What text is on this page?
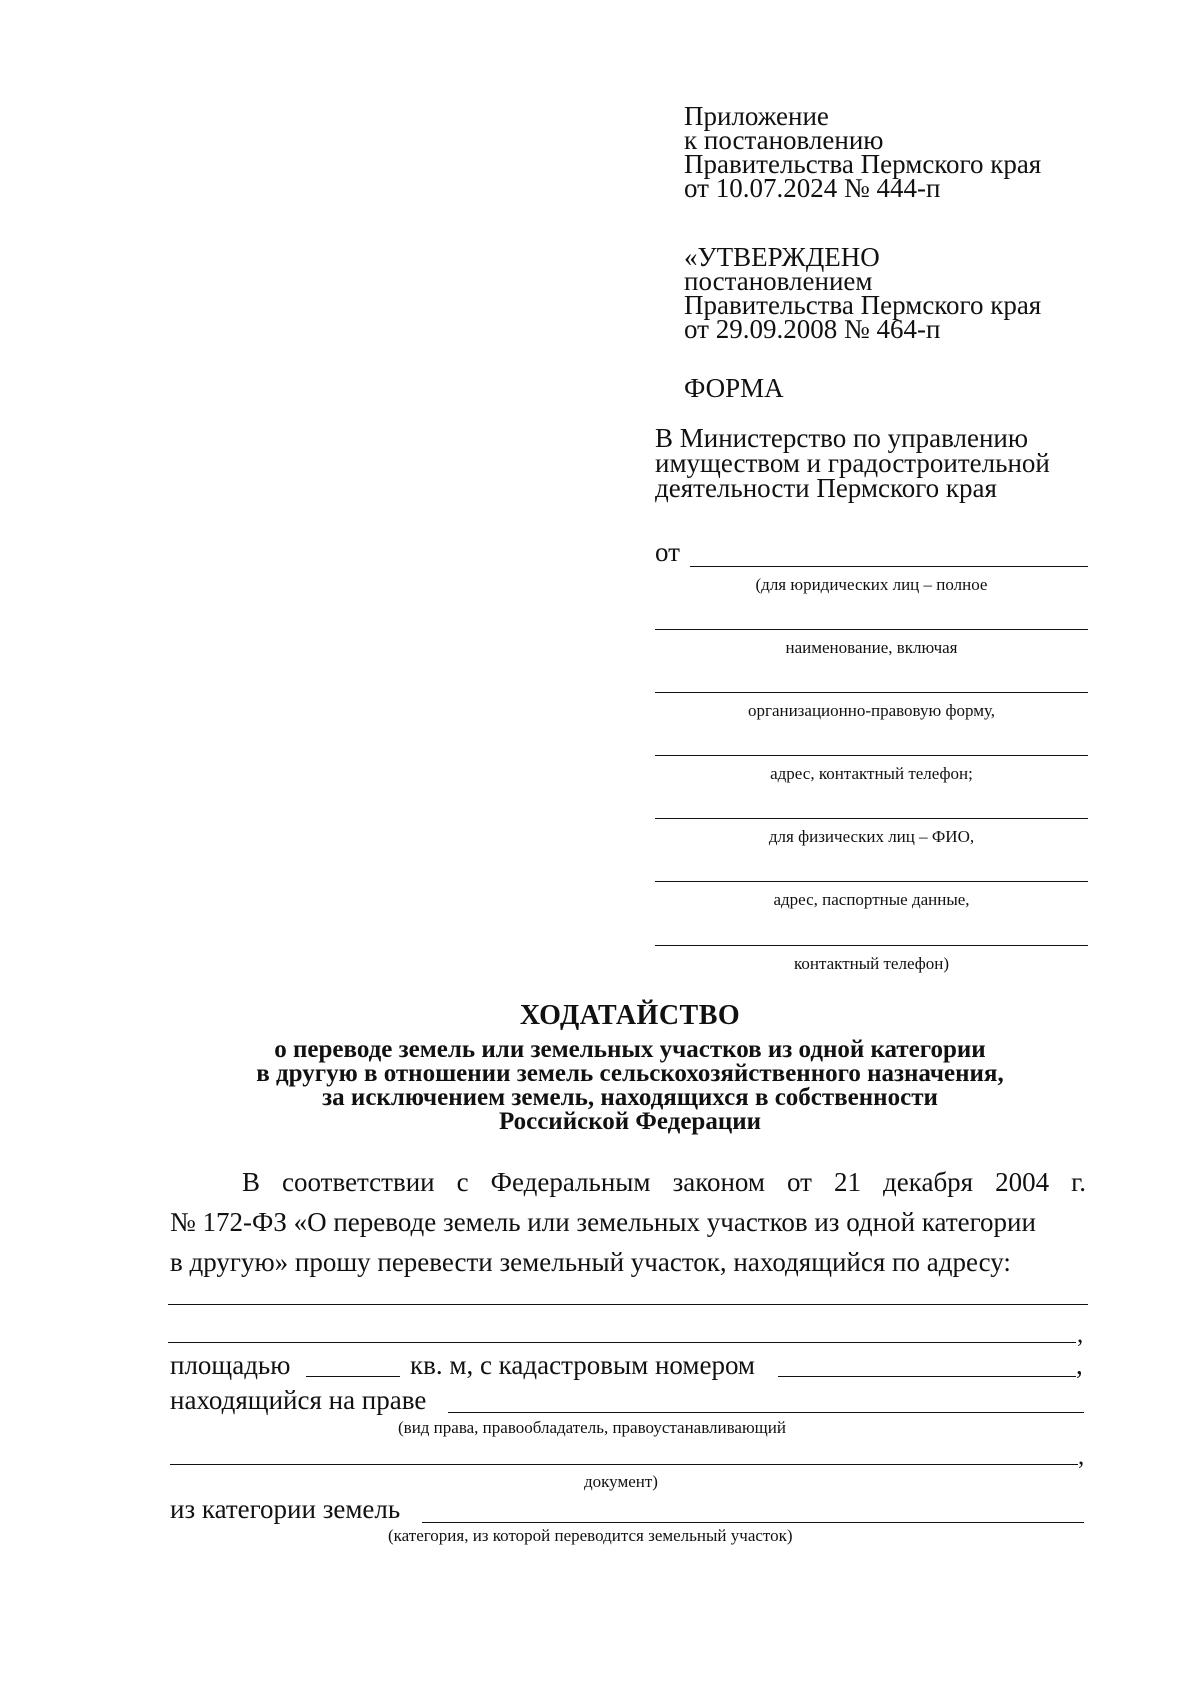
Приложение
к постановлению
Правительства Пермского края
от 10.07.2024 № 444-п
«УТВЕРЖДЕНО
постановлением
Правительства Пермского края
от 29.09.2008 № 464-п
ФОРМА
В Министерство по управлению
имуществом и градостроительной
деятельности Пермского края
от
(для юридических лиц – полное
наименование, включая
организационно-правовую форму,
адрес, контактный телефон;
для физических лиц – ФИО,
адрес, паспортные данные,
контактный телефон)
ХОДАТАЙСТВО
о переводе земель или земельных участков из одной категории
в другую в отношении земель сельскохозяйственного назначения,
за исключением земель, находящихся в собственности
Российской Федерации
В соответствии с Федеральным законом от 21 декабря 2004 г.
№ 172-ФЗ «О переводе земель или земельных участков из одной категории
в другую» прошу перевести земельный участок, находящийся по адресу:
,
площадью	кв. м, с кадастровым номером	,
находящийся на праве
(вид права, правообладатель, правоустанавливающий
,
документ)
из категории земель
(категория, из которой переводится земельный участок)
